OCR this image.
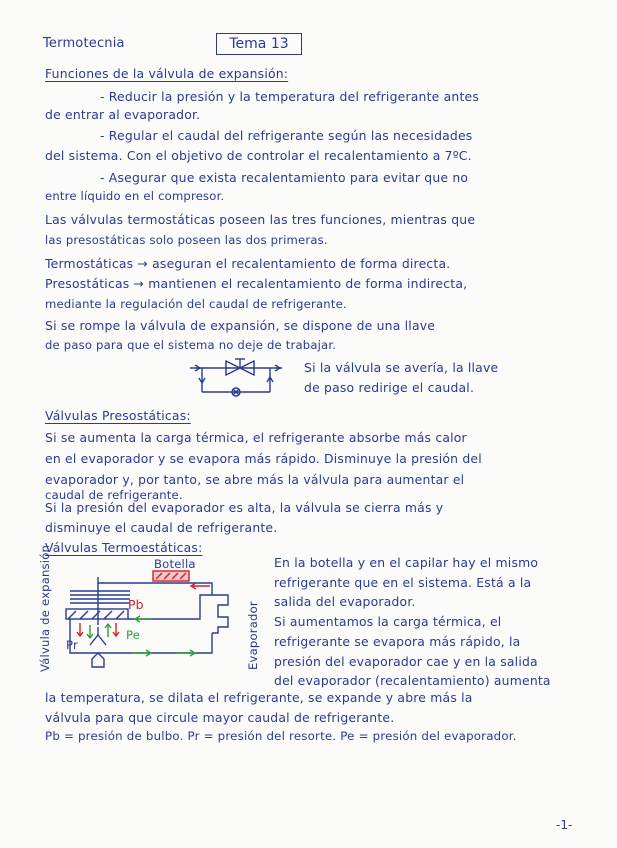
Termotecnia	Tema 13
Funciones de la válvula de expansión:
- Reducir la presión y la temperatura del refrigerante antes
de entrar al evaporador.
- Regular el caudal del refrigerante según las necesidades
del sistema. Con el objetivo de controlar el recalentamiento a 7ºC.
- Asegurar que exista recalentamiento para evitar que no
entre líquido en el compresor.
Las válvulas termostáticas poseen las tres funciones, mientras que
las presostáticas solo poseen las dos primeras.
Termostáticas → aseguran el recalentamiento de forma directa.
Presostáticas → mantienen el recalentamiento de forma indirecta,
mediante la regulación del caudal de refrigerante.
Si se rompe la válvula de expansión, se dispone de una llave
de paso para que el sistema no deje de trabajar.
Si la válvula se avería, la llave
de paso redirige el caudal.
Válvulas Presostáticas:
Si se aumenta la carga térmica, el refrigerante absorbe más calor
en el evaporador y se evapora más rápido. Disminuye la presión del
evaporador y, por tanto, se abre más la válvula para aumentar el
caudal de refrigerante.
Si la presión del evaporador es alta, la válvula se cierra más y
disminuye el caudal de refrigerante.
Válvulas Termoestáticas:
Botella
Pb
Pr
Pe
Válvula de expansión	Evaporador
En la botella y en el capilar hay el mismo
refrigerante que en el sistema. Está a la
salida del evaporador.
Si aumentamos la carga térmica, el
refrigerante se evapora más rápido, la
presión del evaporador cae y en la salida
del evaporador (recalentamiento) aumenta
la temperatura, se dilata el refrigerante, se expande y abre más la
válvula para que circule mayor caudal de refrigerante.
Pb = presión de bulbo. Pr = presión del resorte. Pe = presión del evaporador.
-1-
